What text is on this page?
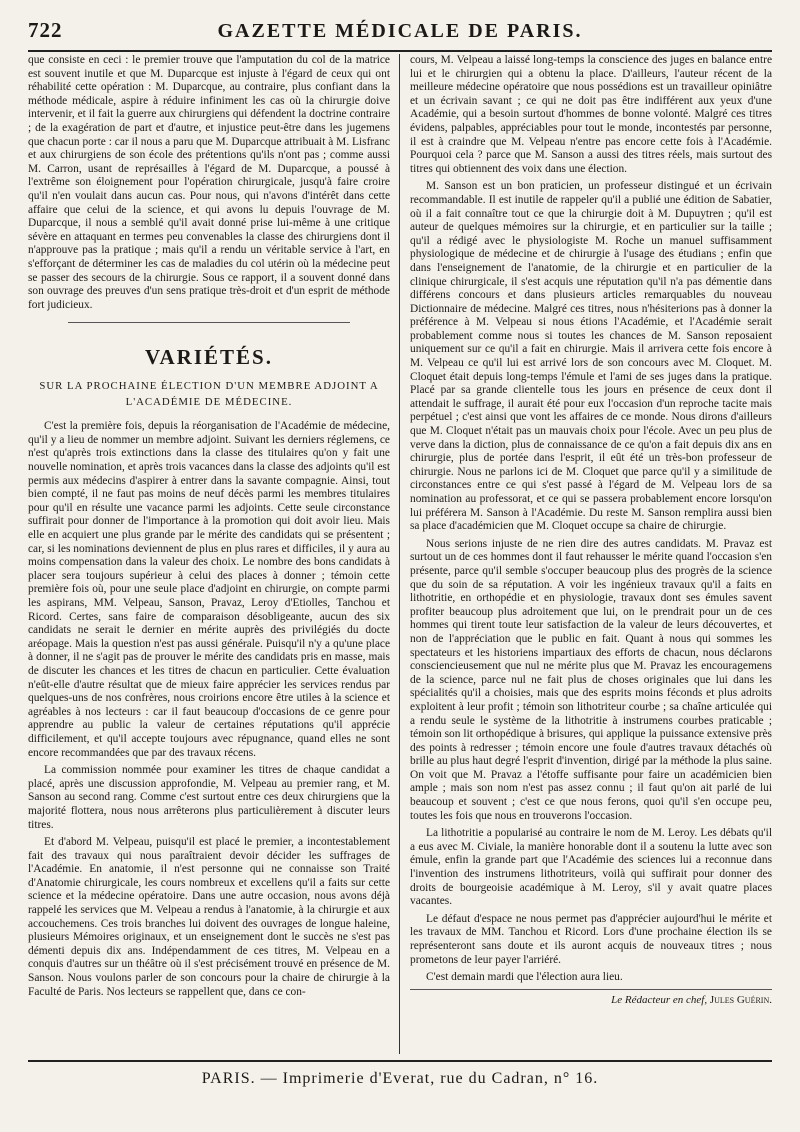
722	GAZETTE MÉDICALE DE PARIS.

que consiste en ceci : le premier trouve que l'amputation du col de la matrice est souvent inutile et que M. Duparcque est injuste à l'égard de ceux qui ont réhabilité cette opération : M. Duparcque, au contraire, plus confiant dans la méthode médicale, aspire à réduire infiniment les cas où la chirurgie doive intervenir, et il fait la guerre aux chirurgiens qui défendent la doctrine contraire ; de la exagération de part et d'autre, et injustice peut-être dans les jugemens que chacun porte : car il nous a paru que M. Duparcque attribuait à M. Lisfranc et aux chirurgiens de son école des prétentions qu'ils n'ont pas ; comme aussi M. Carron, usant de représailles à l'égard de M. Duparcque, a poussé à l'extrême son éloignement pour l'opération chirurgicale, jusqu'à faire croire qu'il n'en voulait dans aucun cas. Pour nous, qui n'avons d'intérêt dans cette affaire que celui de la science, et qui avons lu depuis l'ouvrage de M. Duparcque, il nous a semblé qu'il avait donné prise lui-même à une critique sévère en attaquant en termes peu convenables la classe des chirurgiens dont il n'approuve pas la pratique ; mais qu'il a rendu un véritable service à l'art, en s'efforçant de déterminer les cas de maladies du col utérin où la médecine peut se passer des secours de la chirurgie. Sous ce rapport, il a souvent donné dans son ouvrage des preuves d'un sens pratique très-droit et d'un esprit de méthode fort judicieux.

VARIÉTÉS.
SUR LA PROCHAINE ÉLECTION D'UN MEMBRE ADJOINT A L'ACADÉMIE DE MÉDECINE.

C'est la première fois, depuis la réorganisation de l'Académie de médecine, qu'il y a lieu de nommer un membre adjoint. Suivant les derniers réglemens, ce n'est qu'après trois extinctions dans la classe des titulaires qu'on y fait une nouvelle nomination, et après trois vacances dans la classe des adjoints qu'il est permis aux médecins d'aspirer à entrer dans la savante compagnie. Ainsi, tout bien compté, il ne faut pas moins de neuf décès parmi les membres titulaires pour qu'il en résulte une vacance parmi les adjoints. Cette seule circonstance suffirait pour donner de l'importance à la promotion qui doit avoir lieu. Mais elle en acquiert une plus grande par le mérite des candidats qui se présentent ; car, si les nominations deviennent de plus en plus rares et difficiles, il y aura au moins compensation dans la valeur des choix. Le nombre des bons candidats à placer sera toujours supérieur à celui des places à donner ; témoin cette première fois où, pour une seule place d'adjoint en chirurgie, on compte parmi les aspirans, MM. Velpeau, Sanson, Pravaz, Leroy d'Etiolles, Tanchou et Ricord. Certes, sans faire de comparaison désobligeante, aucun des six candidats ne serait le dernier en mérite auprès des privilégiés du docte aréopage. Mais la question n'est pas aussi générale. Puisqu'il n'y a qu'une place à donner, il ne s'agit pas de prouver le mérite des candidats pris en masse, mais de discuter les chances et les titres de chacun en particulier. Cette évaluation n'eût-elle d'autre résultat que de mieux faire apprécier les services rendus par quelques-uns de nos confrères, nous croirions encore être utiles à la science et agréables à nos lecteurs : car il faut beaucoup d'occasions de ce genre pour apprendre au public la valeur de certaines réputations qu'il apprécie difficilement, et qu'il accepte toujours avec répugnance, quand elles ne sont encore recommandées que par des travaux récens.

La commission nommée pour examiner les titres de chaque candidat a placé, après une discussion approfondie, M. Velpeau au premier rang, et M. Sanson au second rang. Comme c'est surtout entre ces deux chirurgiens que la majorité flottera, nous nous arrêterons plus particulièrement à discuter leurs titres.

Et d'abord M. Velpeau, puisqu'il est placé le premier, a incontestablement fait des travaux qui nous paraîtraient devoir décider les suffrages de l'Académie. En anatomie, il n'est personne qui ne connaisse son Traité d'Anatomie chirurgicale, les cours nombreux et excellens qu'il a faits sur cette science et la médecine opératoire. Dans une autre occasion, nous avons déjà rappelé les services que M. Velpeau a rendus à l'anatomie, à la chirurgie et aux accouchemens. Ces trois branches lui doivent des ouvrages de longue haleine, plusieurs Mémoires originaux, et un enseignement dont le succès ne s'est pas démenti depuis dix ans. Indépendamment de ces titres, M. Velpeau en a conquis d'autres sur un théâtre où il s'est précisément trouvé en présence de M. Sanson. Nous voulons parler de son concours pour la chaire de chirurgie à la Faculté de Paris. Nos lecteurs se rappellent que, dans ce con-

cours, M. Velpeau a laissé long-temps la conscience des juges en balance entre lui et le chirurgien qui a obtenu la place. D'ailleurs, l'auteur récent de la meilleure médecine opératoire que nous possédions est un travailleur opiniâtre et un écrivain savant ; ce qui ne doit pas être indifférent aux yeux d'une Académie, qui a besoin surtout d'hommes de bonne volonté. Malgré ces titres évidens, palpables, appréciables pour tout le monde, incontestés par personne, il est à craindre que M. Velpeau n'entre pas encore cette fois à l'Académie. Pourquoi cela ? parce que M. Sanson a aussi des titres réels, mais surtout des titres qui obtiennent des voix dans une élection.

M. Sanson est un bon praticien, un professeur distingué et un écrivain recommandable. Il est inutile de rappeler qu'il a publié une édition de Sabatier, où il a fait connaître tout ce que la chirurgie doit à M. Dupuytren ; qu'il est auteur de quelques mémoires sur la chirurgie, et en particulier sur la taille ; qu'il a rédigé avec le physiologiste M. Roche un manuel suffisamment physiologique de médecine et de chirurgie à l'usage des étudians ; enfin que dans l'enseignement de l'anatomie, de la chirurgie et en particulier de la clinique chirurgicale, il s'est acquis une réputation qu'il n'a pas démentie dans différens concours et dans plusieurs articles remarquables du nouveau Dictionnaire de médecine. Malgré ces titres, nous n'hésiterions pas à donner la préférence à M. Velpeau si nous étions l'Académie, et l'Académie serait probablement comme nous si toutes les chances de M. Sanson reposaient uniquement sur ce qu'il a fait en chirurgie. Mais il arrivera cette fois encore à M. Velpeau ce qu'il lui est arrivé lors de son concours avec M. Cloquet. M. Cloquet était depuis long-temps l'émule et l'ami de ses juges dans la pratique. Placé par sa grande clientelle tous les jours en présence de ceux dont il attendait le suffrage, il aurait été pour eux l'occasion d'un reproche tacite mais perpétuel ; c'est ainsi que vont les affaires de ce monde. Nous dirons d'ailleurs que M. Cloquet n'était pas un mauvais choix pour l'école. Avec un peu plus de verve dans la diction, plus de connaissance de ce qu'on a fait depuis dix ans en chirurgie, plus de portée dans l'esprit, il eût été un très-bon professeur de chirurgie. Nous ne parlons ici de M. Cloquet que parce qu'il y a similitude de circonstances entre ce qui s'est passé à l'égard de M. Velpeau lors de sa nomination au professorat, et ce qui se passera probablement encore lorsqu'on lui préférera M. Sanson à l'Académie. Du reste M. Sanson remplira aussi bien sa place d'académicien que M. Cloquet occupe sa chaire de chirurgie.

Nous serions injuste de ne rien dire des autres candidats. M. Pravaz est surtout un de ces hommes dont il faut rehausser le mérite quand l'occasion s'en présente, parce qu'il semble s'occuper beaucoup plus des progrès de la science que du soin de sa réputation. A voir les ingénieux travaux qu'il a faits en lithotritie, en orthopédie et en physiologie, travaux dont ses émules savent profiter beaucoup plus adroitement que lui, on le prendrait pour un de ces hommes qui tirent toute leur satisfaction de la valeur de leurs découvertes, et non de l'appréciation que le public en fait. Quant à nous qui sommes les spectateurs et les historiens impartiaux des efforts de chacun, nous déclarons consciencieusement que nul ne mérite plus que M. Pravaz les encouragemens de la science, parce nul ne fait plus de choses originales que lui dans les spécialités qu'il a choisies, mais que des esprits moins féconds et plus adroits exploitent à leur profit ; témoin son lithotriteur courbe ; sa chaîne articulée qui a rendu seule le système de la lithotritie à instrumens courbes praticable ; témoin son lit orthopédique à brisures, qui applique la puissance extensive près des points à redresser ; témoin encore une foule d'autres travaux détachés où brille au plus haut degré l'esprit d'invention, dirigé par la méthode la plus saine. On voit que M. Pravaz a l'étoffe suffisante pour faire un académicien bien ample ; mais son nom n'est pas assez connu ; il faut qu'on ait parlé de lui beaucoup et souvent ; c'est ce que nous ferons, quoi qu'il s'en occupe peu, toutes les fois que nous en trouverons l'occasion.

La lithotritie a popularisé au contraire le nom de M. Leroy. Les débats qu'il a eus avec M. Civiale, la manière honorable dont il a soutenu la lutte avec son émule, enfin la grande part que l'Académie des sciences lui a reconnue dans l'invention des instrumens lithotriteurs, voilà qui suffirait pour donner des droits de bourgeoisie académique à M. Leroy, s'il y avait quatre places vacantes.

Le défaut d'espace ne nous permet pas d'apprécier aujourd'hui le mérite et les travaux de MM. Tanchou et Ricord. Lors d'une prochaine élection ils se représenteront sans doute et ils auront acquis de nouveaux titres ; nous prometons de leur payer l'arriéré.

C'est demain mardi que l'élection aura lieu.

Le Rédacteur en chef, Jules Guérin.
PARIS. — Imprimerie d'Everat, rue du Cadran, n° 16.
